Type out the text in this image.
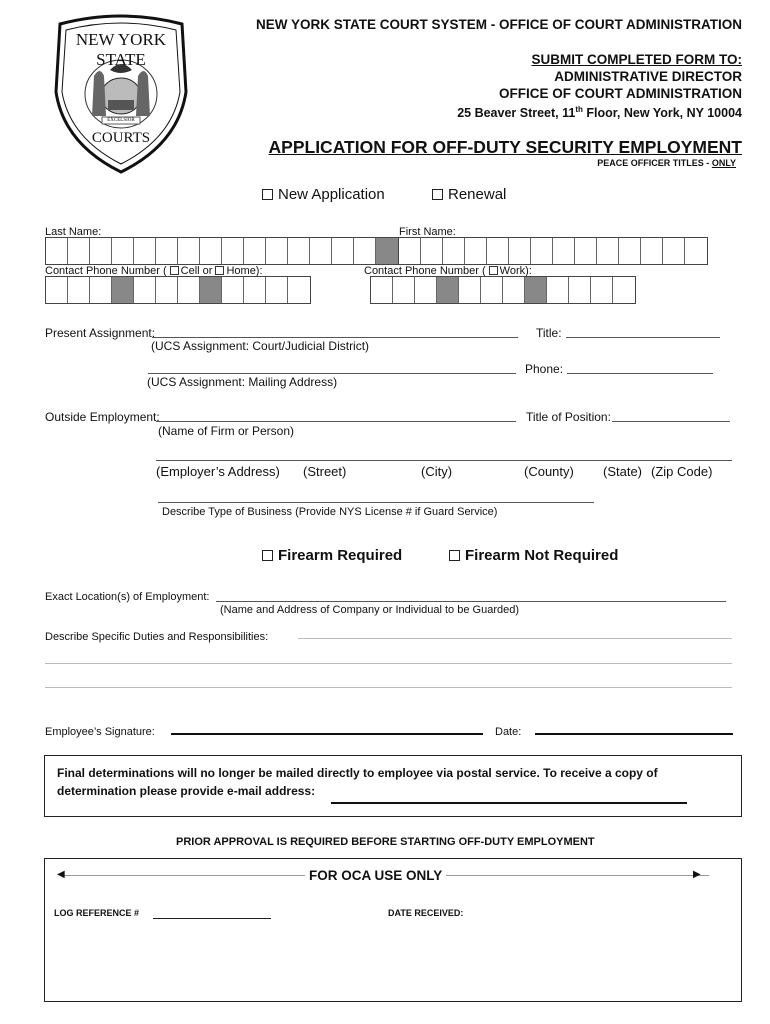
NEW YORK STATE
EXCELSIOR
COURTS
NEW YORK STATE COURT SYSTEM - OFFICE OF COURT ADMINISTRATION
SUBMIT COMPLETED FORM TO:
ADMINISTRATIVE DIRECTOR
OFFICE OF COURT ADMINISTRATION
25 Beaver Street, 11th Floor, New York, NY 10004
APPLICATION FOR OFF-DUTY SECURITY EMPLOYMENT
PEACE OFFICER TITLES - ONLY
New Application	Renewal
Last Name:	First Name:
Contact Phone Number ( Cell or Home):	Contact Phone Number ( Work):
Present Assignment:	Title:
(UCS Assignment: Court/Judicial District)
Phone:
(UCS Assignment: Mailing Address)
Outside Employment:	Title of Position:
(Name of Firm or Person)
(Employer’s Address) (Street)	(City)	(County) (State) (Zip Code)
Describe Type of Business (Provide NYS License # if Guard Service)
Firearm Required	Firearm Not Required
Exact Location(s) of Employment:
(Name and Address of Company or Individual to be Guarded)
Describe Specific Duties and Responsibilities:
Employee’s Signature:	Date:
Final determinations will no longer be mailed directly to employee via postal service. To receive a copy of
determination please provide e-mail address:
PRIOR APPROVAL IS REQUIRED BEFORE STARTING OFF-DUTY EMPLOYMENT
◀	▶
FOR OCA USE ONLY
LOG REFERENCE #	DATE RECEIVED:
